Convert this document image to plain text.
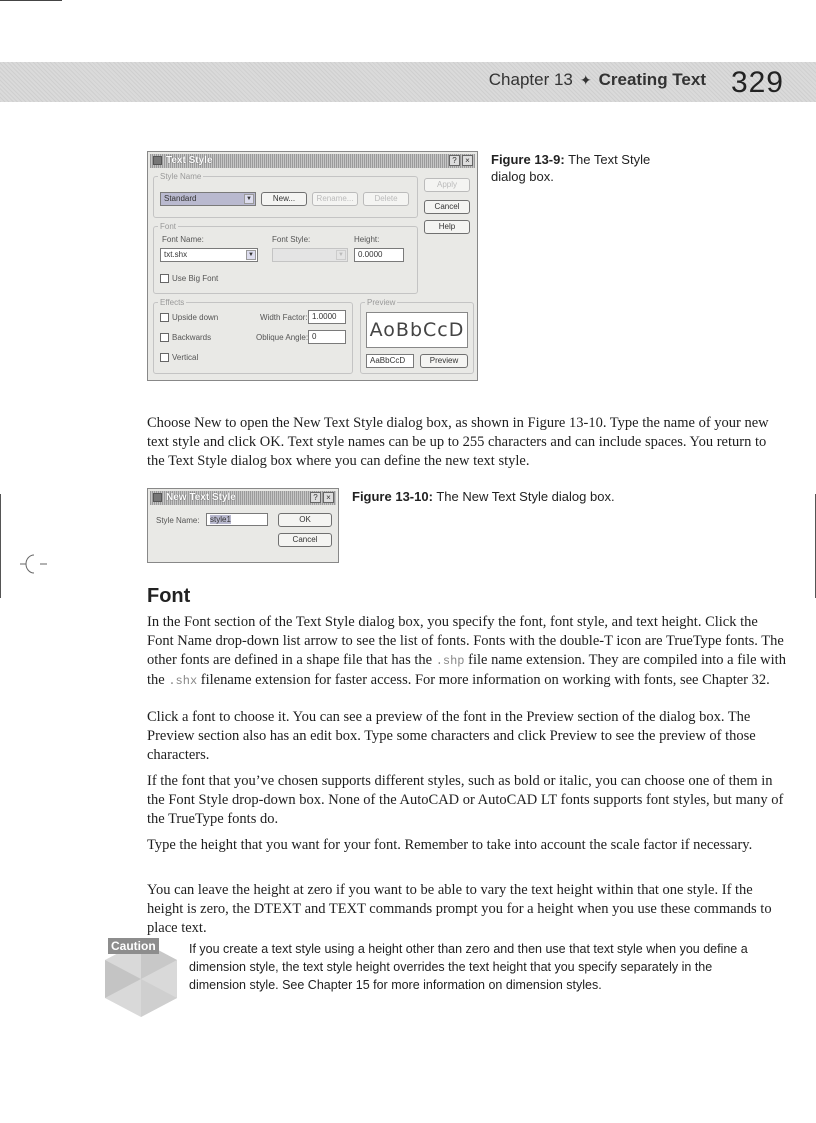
Chapter 13 ✦ Creating Text 329
Text Style	?	×
Style Name
Standard	▼	New...	Rename...	Delete
Apply
Cancel
Help
Font
Font Name:	Font Style:	Height:
txt.shx	▼	▼	0.0000
Use Big Font
Effects
Upside down
Backwards
Vertical
Width Factor: 1.0000
Oblique Angle: 0
Preview
AoBbCcD
AaBbCcD	Preview
Figure 13-9: The Text Style dialog box.

Choose New to open the New Text Style dialog box, as shown in Figure 13-10. Type the name of your new text style and click OK. Text style names can be up to 255 characters and can include spaces. You return to the Text Style dialog box where you can define the new text style.

New Text Style	?	×
Style Name:	style1	OK
Cancel
Figure 13-10: The New Text Style dialog box.
Font

In the Font section of the Text Style dialog box, you specify the font, font style, and text height. Click the Font Name drop-down list arrow to see the list of fonts. Fonts with the double-T icon are TrueType fonts. The other fonts are defined in a shape file that has the .shp file name extension. They are compiled into a file with the .shx filename extension for faster access. For more information on working with fonts, see Chapter 32.

Click a font to choose it. You can see a preview of the font in the Preview section of the dialog box. The Preview section also has an edit box. Type some characters and click Preview to see the preview of those characters.

If the font that you’ve chosen supports different styles, such as bold or italic, you can choose one of them in the Font Style drop-down box. None of the AutoCAD or AutoCAD LT fonts supports font styles, but many of the TrueType fonts do.

Type the height that you want for your font. Remember to take into account the scale factor if necessary.

You can leave the height at zero if you want to be able to vary the text height within that one style. If the height is zero, the DTEXT and TEXT commands prompt you for a height when you use these commands to place text.

Caution	If you create a text style using a height other than zero and then use that text style when you define a dimension style, the text style height overrides the text height that you specify separately in the dimension style. See Chapter 15 for more information on dimension styles.
